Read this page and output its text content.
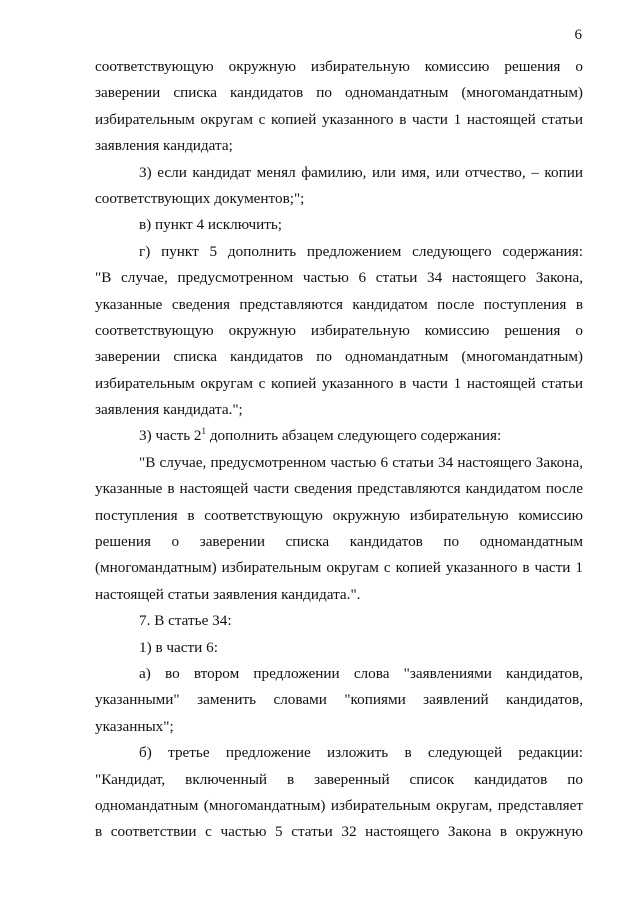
6
соответствующую окружную избирательную комиссию решения о
заверении списка кандидатов по одномандатным (многомандатным)
избирательным округам с копией указанного в части 1 настоящей статьи
заявления кандидата;
3) если кандидат менял фамилию, или имя, или отчество, – копии
соответствующих документов;";
в) пункт 4 исключить;
г) пункт 5 дополнить предложением следующего содержания:
"В случае, предусмотренном частью 6 статьи 34 настоящего Закона,
указанные сведения представляются кандидатом после поступления в
соответствующую окружную избирательную комиссию решения о
заверении списка кандидатов по одномандатным (многомандатным)
избирательным округам с копией указанного в части 1 настоящей статьи
заявления кандидата.";
3) часть $2^1$ дополнить абзацем следующего содержания:
"В случае, предусмотренном частью 6 статьи 34 настоящего Закона,
указанные в настоящей части сведения представляются кандидатом после
поступления в соответствующую окружную избирательную комиссию
решения о заверении списка кандидатов по одномандатным
(многомандатным) избирательным округам с копией указанного в части 1
настоящей статьи заявления кандидата.".
7. В статье 34:
1) в части 6:
а) во втором предложении слова "заявлениями кандидатов,
указанными" заменить словами "копиями заявлений кандидатов,
указанных";
б) третье предложение изложить в следующей редакции:
"Кандидат, включенный в заверенный список кандидатов по
одномандатным (многомандатным) избирательным округам, представляет
в соответствии с частью 5 статьи 32 настоящего Закона в окружную
